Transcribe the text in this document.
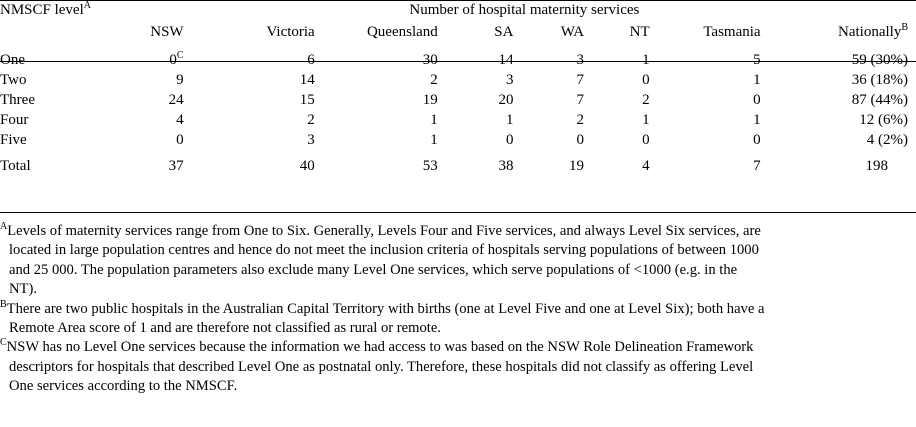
NMSCF level$^A$	Number of hospital maternity services							
	NSW	Victoria	Queensland	SA	WA	NT	Tasmania	Nationally$^B$

One	$0^C$	6	30	14	3	1	5	59 (30%)
Two	9	14	2	3	7	0	1	36 (18%)
Three	24	15	19	20	7	2	0	87 (44%)
Four	4	2	1	1	2	1	1	12 (6%)
Five	0	3	1	0	0	0	0	4 (2%)

Total	37	40	53	38	19	4	7	198
$^A$Levels of maternity services range from One to Six. Generally, Levels Four and Five services, and always Level Six services, are
located in large population centres and hence do not meet the inclusion criteria of hospitals serving populations of between 1000
and 25 000. The population parameters also exclude many Level One services, which serve populations of <1000 (e.g. in the
NT).
$^B$There are two public hospitals in the Australian Capital Territory with births (one at Level Five and one at Level Six); both have a
Remote Area score of 1 and are therefore not classified as rural or remote.
$^C$NSW has no Level One services because the information we had access to was based on the NSW Role Delineation Framework
descriptors for hospitals that described Level One as postnatal only. Therefore, these hospitals did not classify as offering Level
One services according to the NMSCF.
